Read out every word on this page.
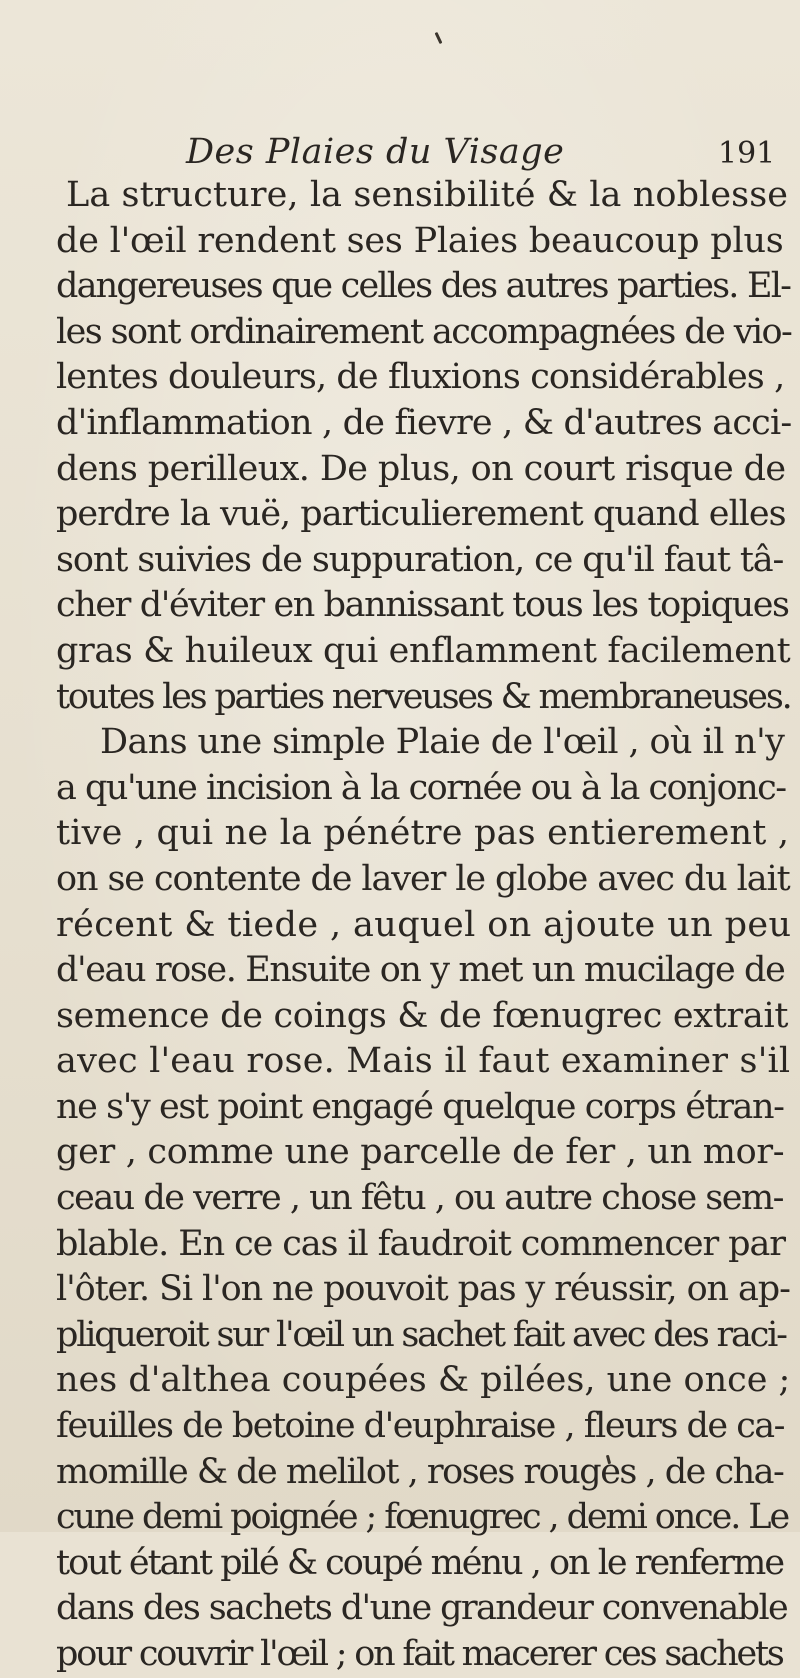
Des Plaies du Visage	191
La structure, la sensibilité & la noblesse
de l'œil rendent ses Plaies beaucoup plus
dangereuses que celles des autres parties. El-
les sont ordinairement accompagnées de vio-
lentes douleurs, de fluxions considérables ,
d'inflammation , de fievre , & d'autres acci-
dens perilleux. De plus, on court risque de
perdre la vuë, particulierement quand elles
sont suivies de suppuration, ce qu'il faut tâ-
cher d'éviter en bannissant tous les topiques
gras & huileux qui enflamment facilement
toutes les parties nerveuses & membraneuses.
Dans une simple Plaie de l'œil , où il n'y
a qu'une incision à la cornée ou à la conjonc-
tive , qui ne la pénétre pas entierement ,
on se contente de laver le globe avec du lait
récent & tiede , auquel on ajoute un peu
d'eau rose. Ensuite on y met un mucilage de
semence de coings & de fœnugrec extrait
avec l'eau rose. Mais il faut examiner s'il
ne s'y est point engagé quelque corps étran-
ger , comme une parcelle de fer , un mor-
ceau de verre , un fêtu , ou autre chose sem-
blable. En ce cas il faudroit commencer par
l'ôter. Si l'on ne pouvoit pas y réussir, on ap-
pliqueroit sur l'œil un sachet fait avec des raci-
nes d'althea coupées & pilées, une once ;
feuilles de betoine d'euphraise , fleurs de ca-
momille & de melilot , roses rouges , de cha-
cune demi poignée ; fœnugrec , demi once. Le
tout étant pilé & coupé ménu , on le renferme
dans des sachets d'une grandeur convenable
pour couvrir l'œil ; on fait macerer ces sachets
